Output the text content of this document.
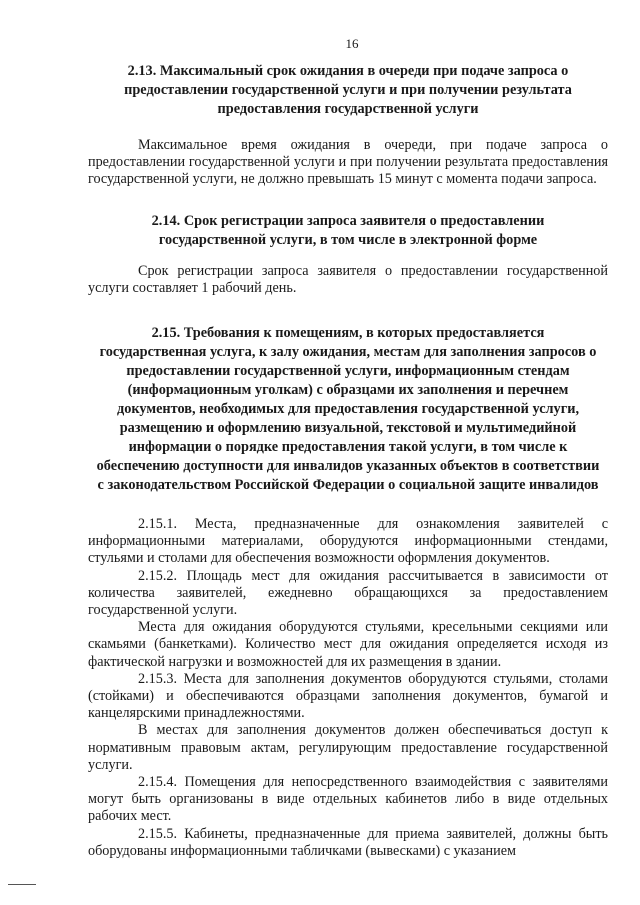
16
2.13. Максимальный срок ожидания в очереди при подаче запроса о
предоставлении государственной услуги и при получении результата
предоставления государственной услуги

Максимальное время ожидания в очереди, при подаче запроса о предоставлении государственной услуги и при получении результата предоставления государственной услуги, не должно превышать 15 минут с момента подачи запроса.

2.14. Срок регистрации запроса заявителя о предоставлении
государственной услуги, в том числе в электронной форме

Срок регистрации запроса заявителя о предоставлении государственной услуги составляет 1 рабочий день.

2.15. Требования к помещениям, в которых предоставляется
государственная услуга, к залу ожидания, местам для заполнения запросов о
предоставлении государственной услуги, информационным стендам
(информационным уголкам) с образцами их заполнения и перечнем
документов, необходимых для предоставления государственной услуги,
размещению и оформлению визуальной, текстовой и мультимедийной
информации о порядке предоставления такой услуги, в том числе к
обеспечению доступности для инвалидов указанных объектов в соответствии
с законодательством Российской Федерации о социальной защите инвалидов

2.15.1. Места, предназначенные для ознакомления заявителей с информационными материалами, оборудуются информационными стендами, стульями и столами для обеспечения возможности оформления документов.

2.15.2. Площадь мест для ожидания рассчитывается в зависимости от количества заявителей, ежедневно обращающихся за предоставлением государственной услуги.

Места для ожидания оборудуются стульями, кресельными секциями или скамьями (банкетками). Количество мест для ожидания определяется исходя из фактической нагрузки и возможностей для их размещения в здании.

2.15.3. Места для заполнения документов оборудуются стульями, столами (стойками) и обеспечиваются образцами заполнения документов, бумагой и канцелярскими принадлежностями.

В местах для заполнения документов должен обеспечиваться доступ к нормативным правовым актам, регулирующим предоставление государственной услуги.

2.15.4. Помещения для непосредственного взаимодействия с заявителями могут быть организованы в виде отдельных кабинетов либо в виде отдельных рабочих мест.

2.15.5. Кабинеты, предназначенные для приема заявителей, должны быть оборудованы информационными табличками (вывесками) с указанием
